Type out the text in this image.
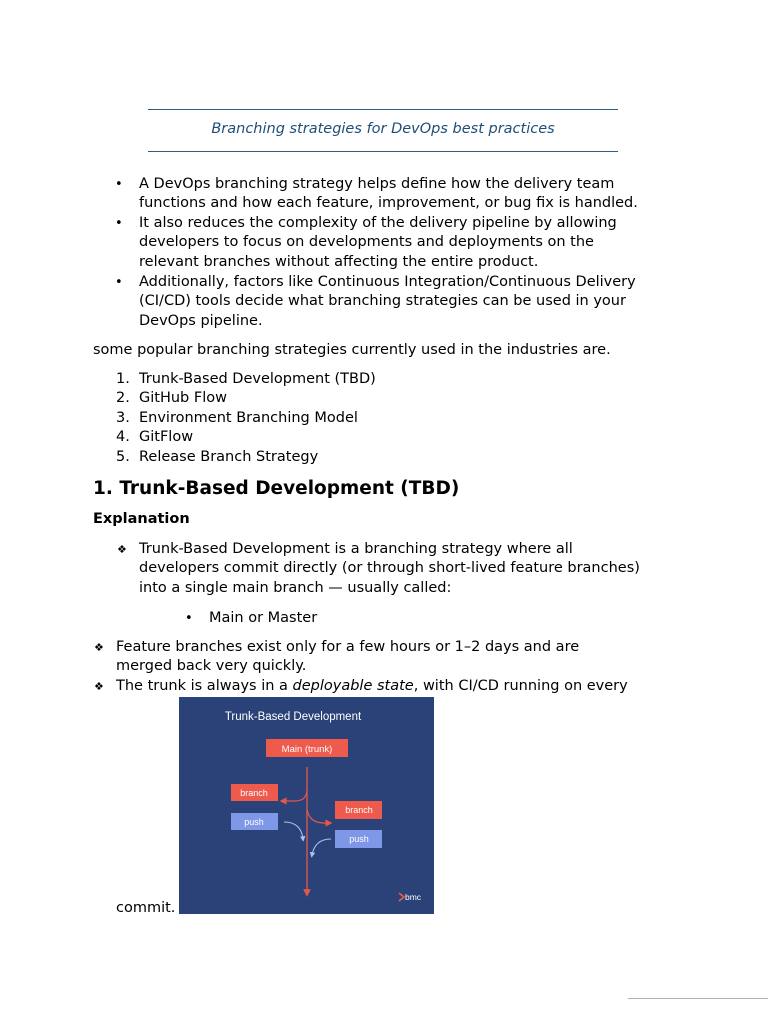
Branching strategies for DevOps best practices
• A DevOps branching strategy helps define how the delivery team
functions and how each feature, improvement, or bug fix is handled.
• It also reduces the complexity of the delivery pipeline by allowing
developers to focus on developments and deployments on the
relevant branches without affecting the entire product.
• Additionally, factors like Continuous Integration/Continuous Delivery
(CI/CD) tools decide what branching strategies can be used in your
DevOps pipeline.
some popular branching strategies currently used in the industries are.
1. Trunk-Based Development (TBD)
2. GitHub Flow
3. Environment Branching Model
4. GitFlow
5. Release Branch Strategy
1. Trunk-Based Development (TBD)
Explanation
❖ Trunk-Based Development is a branching strategy where all
developers commit directly (or through short-lived feature branches)
into a single main branch — usually called:
• Main or Master
❖ Feature branches exist only for a few hours or 1–2 days and are
merged back very quickly.
❖ The trunk is always in a deployable state, with CI/CD running on every
commit.
Trunk-Based Development
Main (trunk)
branch
push
branch
push
bmc
